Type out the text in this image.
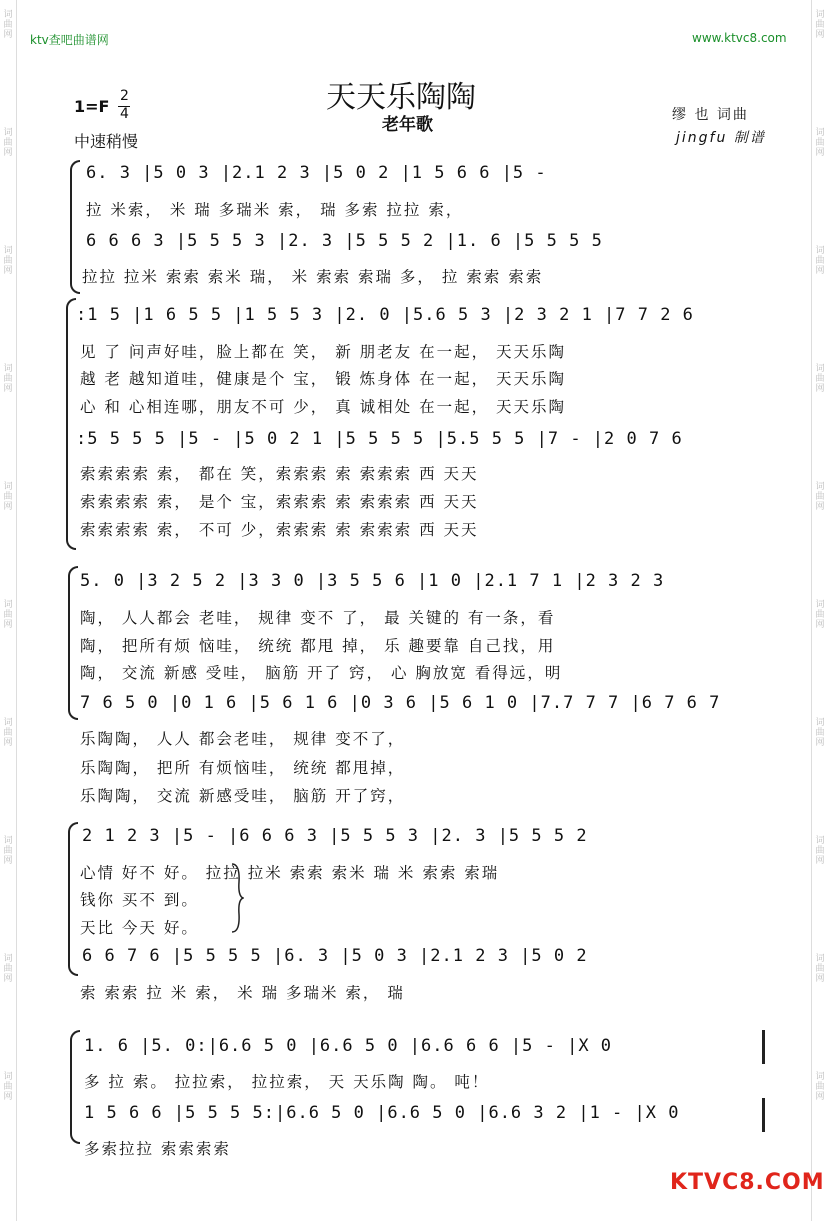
词
曲
网
词
曲
网
词
曲
网
词
曲
网
词
曲
网
词
曲
网
词
曲
网
词
曲
网
词
曲
网
词
曲
网
词
曲
网
词
曲
网
词
曲
网
词
曲
网
词
曲
网
词
曲
网
词
曲
网
词
曲
网
词
曲
网
词
曲
网
ktv查吧曲谱网	www.ktvc8.com
天天乐陶陶
老年歌
1=F
2
4
中速稍慢
缪 也 词曲
jingfu 制谱
6. 3 |5 0 3 |2.1 2 3 |5 0 2 |1 5 6 6 |5 -
拉 米索， 米 瑞 多瑞米 索， 瑞 多索 拉拉 索，
6 6 6 3 |5 5 5 3 |2. 3 |5 5 5 2 |1. 6 |5 5 5 5
拉拉 拉米 索索 索米 瑞， 米 索索 索瑞 多， 拉 索索 索索
:1 5 |1 6 5 5 |1 5 5 3 |2. 0 |5.6 5 3 |2 3 2 1 |7 7 2 6
见 了 问声好哇，脸上都在 笑， 新 朋老友 在一起， 天天乐陶
越 老 越知道哇，健康是个 宝， 锻 炼身体 在一起， 天天乐陶
心 和 心相连哪，朋友不可 少， 真 诚相处 在一起， 天天乐陶
:5 5 5 5 |5 - |5 0 2 1 |5 5 5 5 |5.5 5 5 |7 - |2 0 7 6
索索索索 索， 都在 笑，索索索 索 索索索 西 天天
索索索索 索， 是个 宝，索索索 索 索索索 西 天天
索索索索 索， 不可 少，索索索 索 索索索 西 天天
5. 0 |3 2 5 2 |3 3 0 |3 5 5 6 |1 0 |2.1 7 1 |2 3 2 3
陶， 人人都会 老哇， 规律 变不 了， 最 关键的 有一条，看
陶， 把所有烦 恼哇， 统统 都甩 掉， 乐 趣要靠 自己找，用
陶， 交流 新感 受哇， 脑筋 开了 窍， 心 胸放宽 看得远，明
7 6 5 0 |0 1 6 |5 6 1 6 |0 3 6 |5 6 1 0 |7.7 7 7 |6 7 6 7
乐陶陶， 人人 都会老哇， 规律 变不了，
乐陶陶， 把所 有烦恼哇， 统统 都甩掉，
乐陶陶， 交流 新感受哇， 脑筋 开了窍，
2 1 2 3 |5 - |6 6 6 3 |5 5 5 3 |2. 3 |5 5 5 2
心情 好不 好。 拉拉 拉米 索索 索米 瑞 米 索索 索瑞
钱你 买不 到。
天比 今天 好。
6 6 7 6 |5 5 5 5 |6. 3 |5 0 3 |2.1 2 3 |5 0 2
索 索索 拉 米 索， 米 瑞 多瑞米 索， 瑞
1. 6 |5. 0:|6.6 5 0 |6.6 5 0 |6.6 6 6 |5 - |X 0
多 拉 索。 拉拉索， 拉拉索， 天 天乐陶 陶。 吨！
1 5 6 6 |5 5 5 5:|6.6 5 0 |6.6 5 0 |6.6 3 2 |1 - |X 0
多索拉拉 索索索索
KTVC8.COM
